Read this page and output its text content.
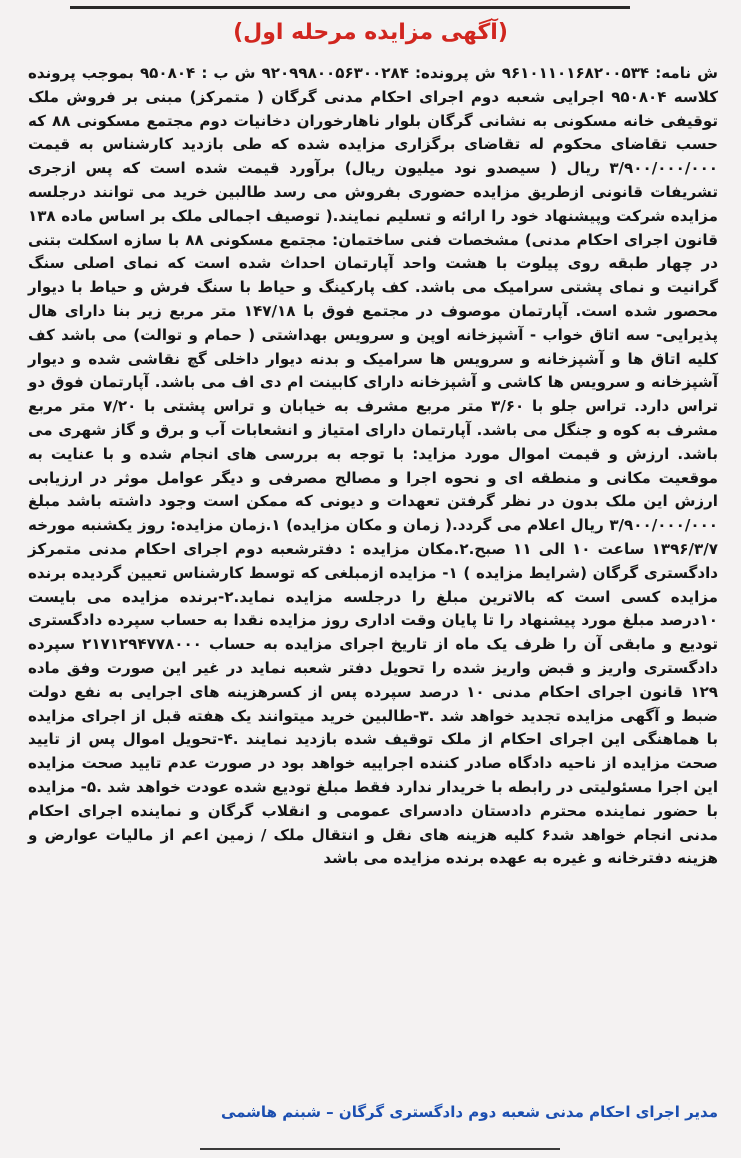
(آگهی مزایده مرحله اول)

ش نامه: ۹۶۱۰۱۱۰۱۶۸۲۰۰۵۳۴ ش پرونده: ۹۲۰۹۹۸۰۰۵۶۳۰۰۲۸۴ ش ب : ۹۵۰۸۰۴ بموجب پرونده کلاسه ۹۵۰۸۰۴ اجرایی شعبه دوم اجرای احکام مدنی گرگان ( متمرکز) مبنی بر فروش ملک توقیفی خانه مسکونی به نشانی گرگان بلوار ناهارخوران دخانیات دوم مجتمع مسکونی ۸۸ که حسب تقاضای محکوم له تقاضای برگزاری مزایده شده که طی بازدید کارشناس به قیمت ۳/۹۰۰/۰۰۰/۰۰۰ ریال ( سیصدو نود میلیون ریال) برآورد قیمت شده است که پس ازجری تشریفات قانونی ازطریق مزایده حضوری بفروش می رسد طالبین خرید می توانند درجلسه مزایده شرکت وپیشنهاد خود را ارائه و تسلیم نمایند.( توصیف اجمالی ملک بر اساس ماده ۱۳۸ قانون اجرای احکام مدنی) مشخصات فنی ساختمان: مجتمع مسکونی ۸۸ با سازه اسکلت بتنی در چهار طبقه روی پیلوت با هشت واحد آپارتمان احداث شده است که نمای اصلی سنگ گرانیت و نمای پشتی سرامیک می باشد. کف پارکینگ و حیاط با سنگ فرش و حیاط با دیوار محصور شده است. آپارتمان موصوف در مجتمع فوق با ۱۴۷/۱۸ متر مربع زیر بنا دارای هال پذیرایی- سه اتاق خواب - آشپزخانه اوپن و سرویس بهداشتی ( حمام و توالت) می باشد کف کلیه اتاق ها و آشپزخانه و سرویس ها سرامیک و بدنه دیوار داخلی گچ نقاشی شده و دیوار آشپزخانه و سرویس ها کاشی و آشپزخانه دارای کابینت ام دی اف می باشد. آپارتمان فوق دو تراس دارد. تراس جلو با ۳/۶۰ متر مربع مشرف به خیابان و تراس پشتی با ۷/۲۰ متر مربع مشرف به کوه و جنگل می باشد. آپارتمان دارای امتیاز و انشعابات آب و برق و گاز شهری می باشد. ارزش و قیمت اموال مورد مزاید: با توجه به بررسی های انجام شده و با عنایت به موقعیت مکانی و منطقه ای و نحوه اجرا و مصالح مصرفی و دیگر عوامل موثر در ارزیابی ارزش این ملک بدون در نظر گرفتن تعهدات و دیونی که ممکن است وجود داشته باشد مبلغ ۳/۹۰۰/۰۰۰/۰۰۰ ریال اعلام می گردد.( زمان و مکان مزایده) ۱.زمان مزایده: روز یکشنبه مورخه ۱۳۹۶/۳/۷ ساعت ۱۰ الی ۱۱ صبح.۲.مکان مزایده : دفترشعبه دوم اجرای احکام مدنی متمرکز دادگستری گرگان (شرایط مزایده ) ۱- مزایده ازمبلغی که توسط کارشناس تعیین گردیده برنده مزایده کسی است که بالاترین مبلغ را درجلسه مزایده نماید.۲-برنده مزایده می بایست ۱۰درصد مبلغ مورد پیشنهاد را تا پایان وقت اداری روز مزایده نقدا به حساب سپرده دادگستری تودیع و مابقی آن را ظرف یک ماه از تاریخ اجرای مزایده به حساب ۲۱۷۱۲۹۴۷۷۸۰۰۰ سپرده دادگستری واریز و قبض واریز شده را تحویل دفتر شعبه نماید در غیر این صورت وفق ماده ۱۲۹ قانون اجرای احکام مدنی ۱۰ درصد سپرده پس از کسرهزینه های اجرایی به نفع دولت ضبط و آگهی مزایده تجدید خواهد شد .۳-طالبین خرید میتوانند یک هفته قبل از اجرای مزایده با هماهنگی این اجرای احکام از ملک توقیف شده بازدید نمایند .۴-تحویل اموال پس از تایید صحت مزایده از ناحیه دادگاه صادر کننده اجراییه خواهد بود در صورت عدم تایید صحت مزایده این اجرا مسئولیتی در رابطه با خریدار ندارد فقط مبلغ تودیع شده عودت خواهد شد .۵- مزایده با حضور نماینده محترم دادستان دادسرای عمومی و انقلاب گرگان و نماینده اجرای احکام مدنی انجام خواهد شد۶ کلیه هزینه های نقل و انتقال ملک / زمین اعم از مالیات عوارض و هزینه دفترخانه و غیره به عهده برنده مزایده می باشد

مدیر اجرای احکام مدنی شعبه دوم دادگستری گرگان – شبنم هاشمی
